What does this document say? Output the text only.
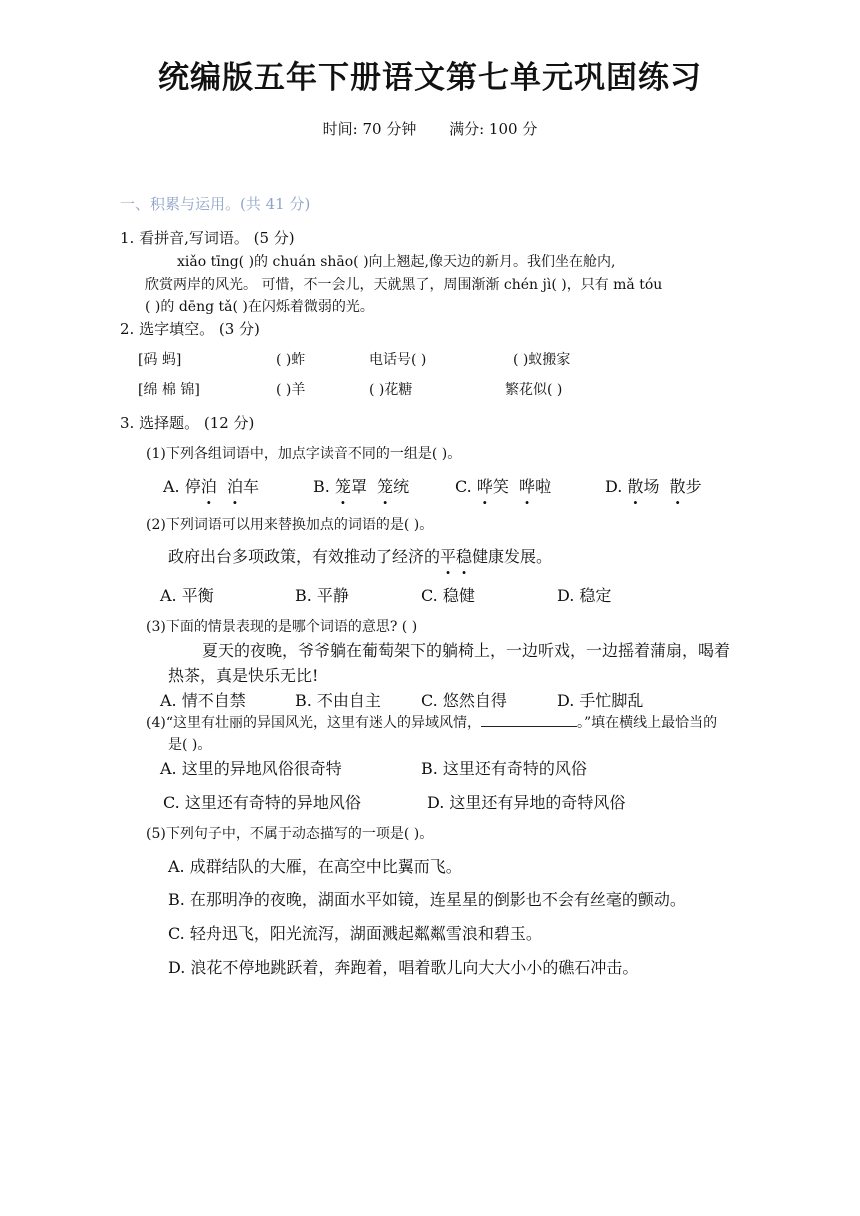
统编版五年下册语文第七单元巩固练习
时间: 70 分钟 满分: 100 分
一、积累与运用。(共 41 分)
1. 看拼音,写词语。 (5 分)
xiǎo tīng( )的 chuán shāo( )向上翘起,像天边的新月。我们坐在舱内,
欣赏两岸的风光。 可惜，不一会儿，天就黑了，周围渐渐 chén jì( )，只有 mǎ tóu
( )的 dēng tǎ( )在闪烁着微弱的光。
2. 选字填空。 (3 分)
[码 蚂]	( )蚱	电话号( )	( )蚁搬家
[绵 棉 锦]	( )羊	( )花糖	繁花似( )
3. 选择题。 (12 分)
(1)下列各组词语中，加点字读音不同的一组是( )。
A. 停泊 泊车	B. 笼罩 笼统	C. 哗笑 哗啦	D. 散场 散步
(2)下列词语可以用来替换加点的词语的是( )。
政府出台多项政策，有效推动了经济的平稳健康发展。
A. 平衡	B. 平静	C. 稳健	D. 稳定
(3)下面的情景表现的是哪个词语的意思? ( )
夏天的夜晚，爷爷躺在葡萄架下的躺椅上，一边听戏，一边摇着蒲扇，喝着
热茶，真是快乐无比!
A. 情不自禁	B. 不由自主	C. 悠然自得	D. 手忙脚乱
(4)“这里有壮丽的异国风光，这里有迷人的异域风情，	。”填在横线上最恰当的
是( )。
A. 这里的异地风俗很奇特	B. 这里还有奇特的风俗
C. 这里还有奇特的异地风俗	D. 这里还有异地的奇特风俗
(5)下列句子中，不属于动态描写的一项是( )。
A. 成群结队的大雁，在高空中比翼而飞。
B. 在那明净的夜晚，湖面水平如镜，连星星的倒影也不会有丝毫的颤动。
C. 轻舟迅飞，阳光流泻，湖面溅起粼粼雪浪和碧玉。
D. 浪花不停地跳跃着，奔跑着，唱着歌儿向大大小小的礁石冲击。
